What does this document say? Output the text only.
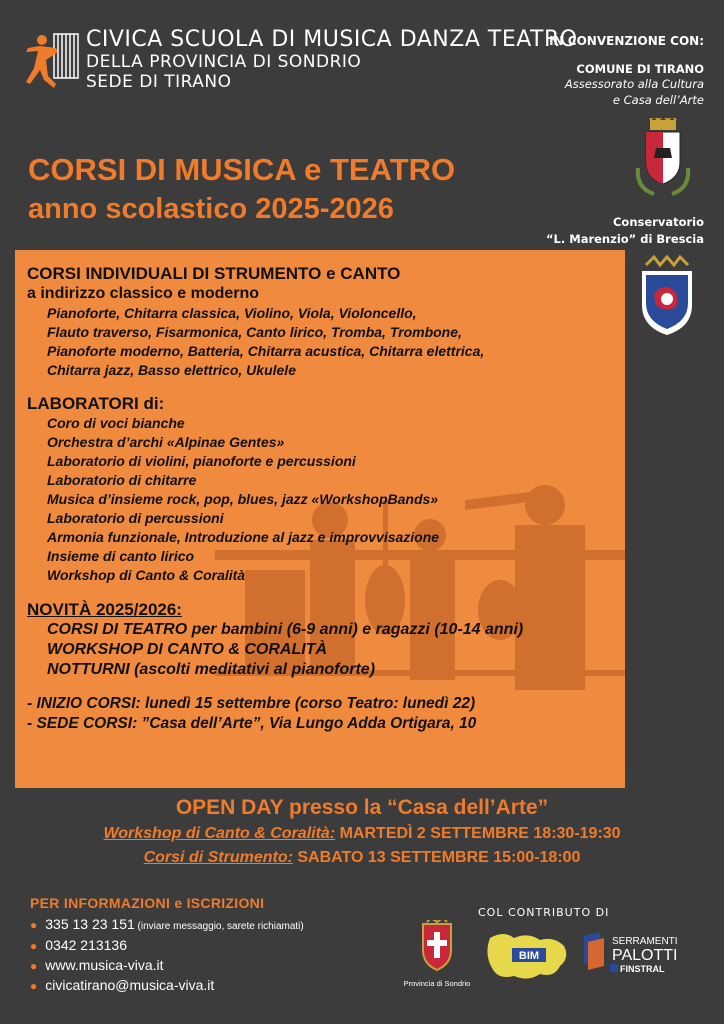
CIVICA SCUOLA DI MUSICA DANZA TEATRO
DELLA PROVINCIA DI SONDRIO
SEDE DI TIRANO
IN CONVENZIONE CON:
COMUNE DI TIRANO
Assessorato alla Cultura
e Casa dell’Arte
Conservatorio
“L. Marenzio” di Brescia
CORSI DI MUSICA e TEATRO
anno scolastico 2025-2026
CORSI INDIVIDUALI DI STRUMENTO e CANTO
a indirizzo classico e moderno
Pianoforte, Chitarra classica, Violino, Viola, Violoncello,
Flauto traverso, Fisarmonica, Canto lirico, Tromba, Trombone,
Pianoforte moderno, Batteria, Chitarra acustica, Chitarra elettrica,
Chitarra jazz, Basso elettrico, Ukulele
LABORATORI di:
Coro di voci bianche
Orchestra d’archi «Alpinae Gentes»
Laboratorio di violini, pianoforte e percussioni
Laboratorio di chitarre
Musica d’insieme rock, pop, blues, jazz «WorkshopBands»
Laboratorio di percussioni
Armonia funzionale, Introduzione al jazz e improvvisazione
Insieme di canto lirico
Workshop di Canto & Coralità
NOVITÀ 2025/2026:
CORSI DI TEATRO per bambini (6-9 anni) e ragazzi (10-14 anni)
WORKSHOP DI CANTO & CORALITÀ
NOTTURNI (ascolti meditativi al pianoforte)
- INIZIO CORSI: lunedì 15 settembre (corso Teatro: lunedì 22)
- SEDE CORSI: ”Casa dell’Arte”, Via Lungo Adda Ortigara, 10
OPEN DAY presso la “Casa dell’Arte”
Workshop di Canto & Coralità: MARTEDÌ 2 SETTEMBRE 18:30-19:30
Corsi di Strumento: SABATO 13 SETTEMBRE 15:00-18:00
PER INFORMAZIONI e ISCRIZIONI
● 335 13 23 151 (inviare messaggio, sarete richiamati)
● 0342 213136
● www.musica-viva.it
● civicatirano@musica-viva.it
COL CONTRIBUTO DI
Provincia di Sondrio
BIM
SERRAMENTI
PALOTTI
FINSTRAL
